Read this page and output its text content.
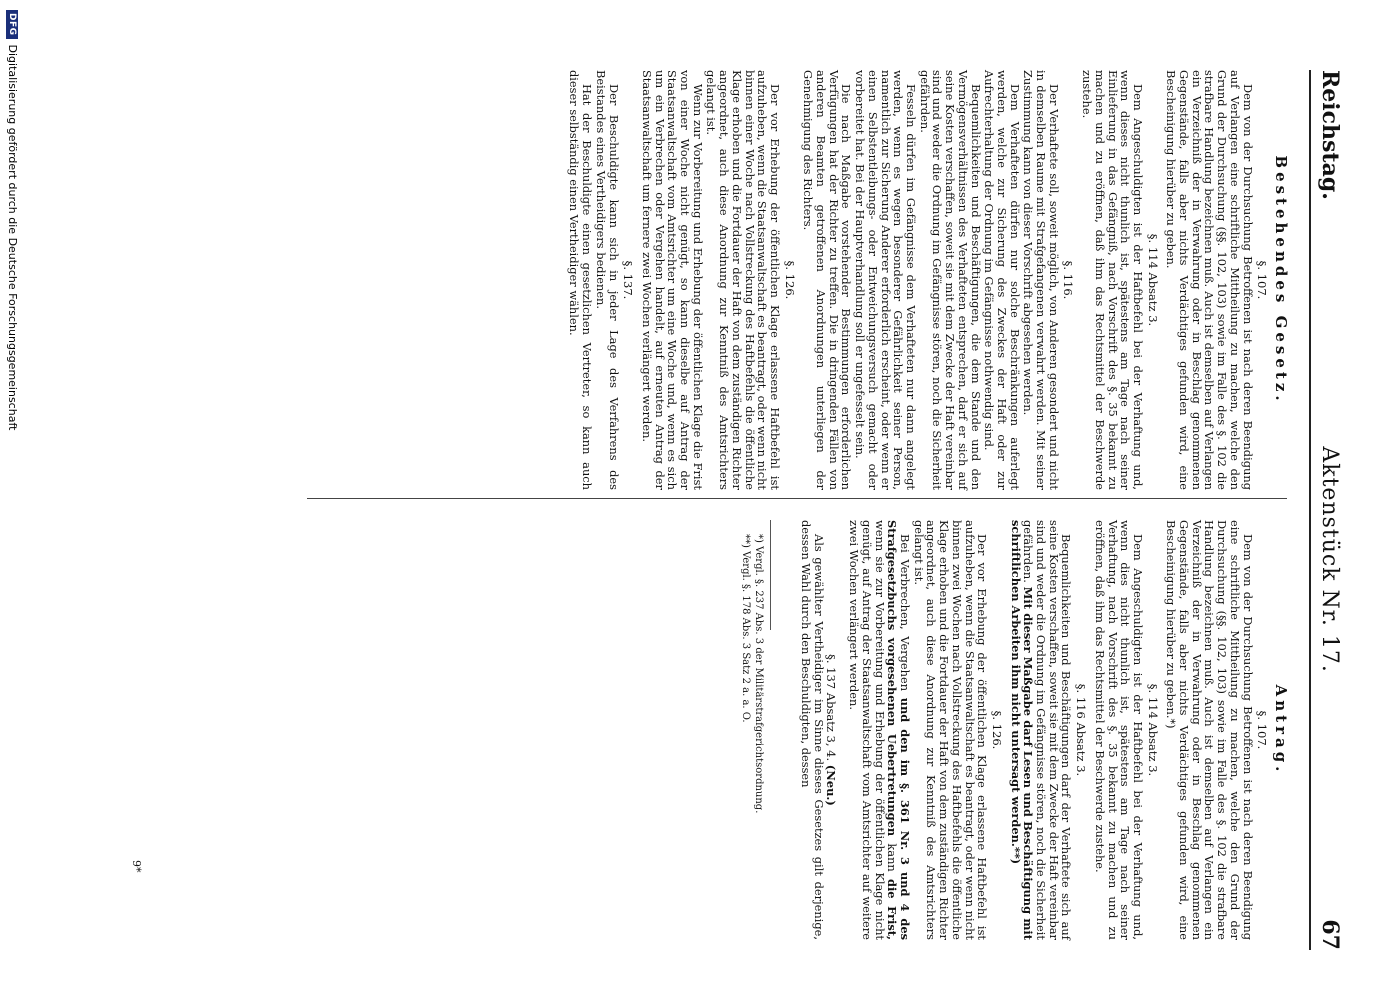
Reichstag.
Aktenstück Nr. 17.
67
Bestehendes Gesetz.
§. 107.

Dem von der Durchsuchung Betroffenen ist nach deren Beendigung auf Verlangen eine schriftliche Mittheilung zu machen, welche den Grund der Durchsuchung (§§. 102, 103) sowie im Falle des §. 102 die strafbare Handlung bezeichnen muß. Auch ist demselben auf Verlangen ein Verzeichniß der in Verwahrung oder in Beschlag genommenen Gegenstände, falls aber nichts Verdächtiges gefunden wird, eine Bescheinigung hierüber zu geben.

§. 114 Absatz 3.

Dem Angeschuldigten ist der Haftbefehl bei der Verhaftung und, wenn dieses nicht thunlich ist, spätestens am Tage nach seiner Einlieferung in das Gefängniß, nach Vorschrift des §. 35 bekannt zu machen und zu eröffnen, daß ihm das Rechtsmittel der Beschwerde zustehe.

§. 116.

Der Verhaftete soll, soweit möglich, von Anderen gesondert und nicht in demselben Raume mit Strafgefangenen verwahrt werden. Mit seiner Zustimmung kann von dieser Vorschrift abgesehen werden.

Dem Verhafteten dürfen nur solche Beschränkungen auferlegt werden, welche zur Sicherung des Zweckes der Haft oder zur Aufrechterhaltung der Ordnung im Gefängnisse nothwendig sind.

Bequemlichkeiten und Beschäftigungen, die dem Stande und den Vermögensverhältnissen des Verhafteten entsprechen, darf er sich auf seine Kosten verschaffen, soweit sie mit dem Zwecke der Haft vereinbar sind und weder die Ordnung im Gefängnisse stören, noch die Sicherheit gefährden.

Fesseln dürfen im Gefängnisse dem Verhafteten nur dann angelegt werden, wenn es wegen besonderer Gefährlichkeit seiner Person, namentlich zur Sicherung Anderer erforderlich erscheint, oder wenn er einen Selbstentleibungs- oder Entweichungsversuch gemacht oder vorbereitet hat. Bei der Hauptverhandlung soll er ungefesselt sein.

Die nach Maßgabe vorstehender Bestimmungen erforderlichen Verfügungen hat der Richter zu treffen. Die in dringenden Fällen von anderen Beamten getroffenen Anordnungen unterliegen der Genehmigung des Richters.

§. 126.

Der vor Erhebung der öffentlichen Klage erlassene Haftbefehl ist aufzuheben, wenn die Staatsanwaltschaft es beantragt, oder wenn nicht binnen einer Woche nach Vollstreckung des Haftbefehls die öffentliche Klage erhoben und die Fortdauer der Haft von dem zuständigen Richter angeordnet, auch diese Anordnung zur Kenntniß des Amtsrichters gelangt ist.

Wenn zur Vorbereitung und Erhebung der öffentlichen Klage die Frist von einer Woche nicht genügt, so kann dieselbe auf Antrag der Staatsanwaltschaft vom Amtsrichter um eine Woche und, wenn es sich um ein Verbrechen oder Vergehen handelt, auf erneuten Antrag der Staatsanwaltschaft um fernere zwei Wochen verlängert werden.

§. 137.

Der Beschuldigte kann sich in jeder Lage des Verfahrens des Beistandes eines Vertheidigers bedienen.

Hat der Beschuldigte einen gesetzlichen Vertreter, so kann auch dieser selbständig einen Vertheidiger wählen.

Antrag.
§. 107.

Dem von der Durchsuchung Betroffenen ist nach deren Beendigung eine schriftliche Mittheilung zu machen, welche den Grund der Durchsuchung (§§. 102, 103) sowie im Falle des §. 102 die strafbare Handlung bezeichnen muß. Auch ist demselben auf Verlangen ein Verzeichniß der in Verwahrung oder in Beschlag genommenen Gegenstände, falls aber nichts Verdächtiges gefunden wird, eine Bescheinigung hierüber zu geben.*)

§. 114 Absatz 3.

Dem Angeschuldigten ist der Haftbefehl bei der Verhaftung und, wenn dies nicht thunlich ist, spätestens am Tage nach seiner Verhaftung, nach Vorschrift des §. 35 bekannt zu machen und zu eröffnen, daß ihm das Rechtsmittel der Beschwerde zustehe.

§. 116 Absatz 3.

Bequemlichkeiten und Beschäftigungen darf der Verhaftete sich auf seine Kosten verschaffen, soweit sie mit dem Zwecke der Haft vereinbar sind und weder die Ordnung im Gefängnisse stören, noch die Sicherheit gefährden. Mit dieser Maßgabe darf Lesen und Beschäftigung mit schriftlichen Arbeiten ihm nicht untersagt werden.**)

§. 126.

Der vor Erhebung der öffentlichen Klage erlassene Haftbefehl ist aufzuheben, wenn die Staatsanwaltschaft es beantragt, oder wenn nicht binnen zwei Wochen nach Vollstreckung des Haftbefehls die öffentliche Klage erhoben und die Fortdauer der Haft von dem zuständigen Richter angeordnet, auch diese Anordnung zur Kenntniß des Amtsrichters gelangt ist.

Bei Verbrechen, Vergehen und den im §. 361 Nr. 3 und 4 des Strafgesetzbuchs vorgesehenen Uebertretungen kann die Frist, wenn sie zur Vorbereitung und Erhebung der öffentlichen Klage nicht genügt, auf Antrag der Staatsanwaltschaft vom Amtsrichter auf weitere zwei Wochen verlängert werden.

§. 137 Absatz 3, 4. (Neu.)

Als gewählter Vertheidiger im Sinne dieses Gesetzes gilt derjenige, dessen Wahl durch den Beschuldigten, dessen

*) Vergl. §. 237 Abs. 3 der Militärstrafgerichtsordnung.

**) Vergl. §. 178 Abs. 3 Satz 2 a. a. O.

9*
DFG
Digitalisierung gefördert durch die Deutsche Forschungsgemeinschaft
